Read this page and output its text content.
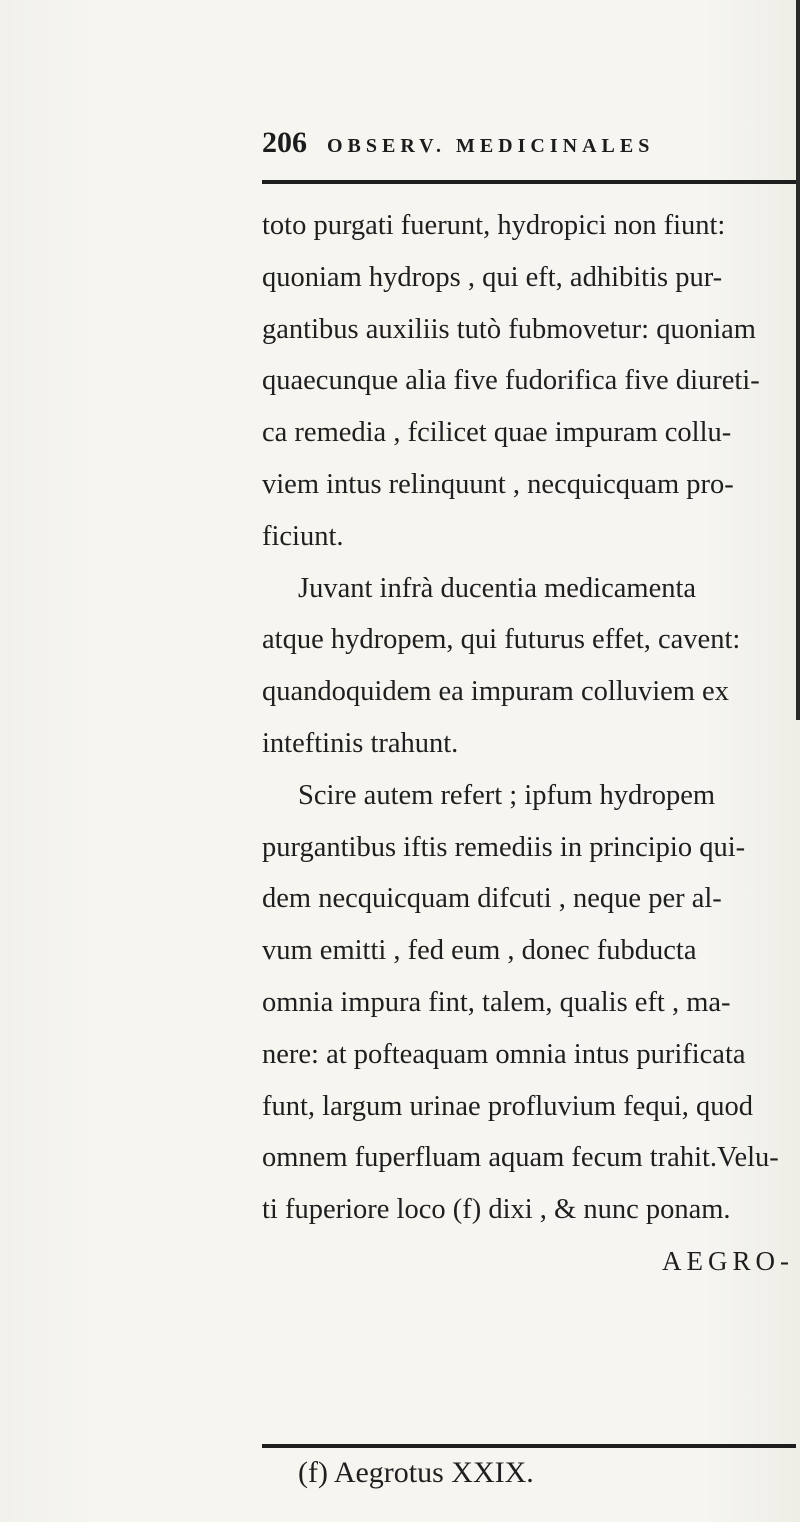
206 OBSERV. MEDICINALES
toto purgati fuerunt, hydropici non fiunt:
quoniam hydrops , qui eft, adhibitis pur-
gantibus auxiliis tutò fubmovetur: quoniam
quaecunque alia five fudorifica five diureti-
ca remedia , fcilicet quae impuram collu-
viem intus relinquunt , necquicquam pro-
ficiunt.
Juvant infrà ducentia medicamenta
atque hydropem, qui futurus effet, cavent:
quandoquidem ea impuram colluviem ex
inteftinis trahunt.
Scire autem refert ; ipfum hydropem
purgantibus iftis remediis in principio qui-
dem necquicquam difcuti , neque per al-
vum emitti , fed eum , donec fubducta
omnia impura fint, talem, qualis eft , ma-
nere: at pofteaquam omnia intus purificata
funt, largum urinae profluvium fequi, quod
omnem fuperfluam aquam fecum trahit.Velu-
ti fuperiore loco (f) dixi , & nunc ponam.
AEGRO-
(f) Aegrotus XXIX.
